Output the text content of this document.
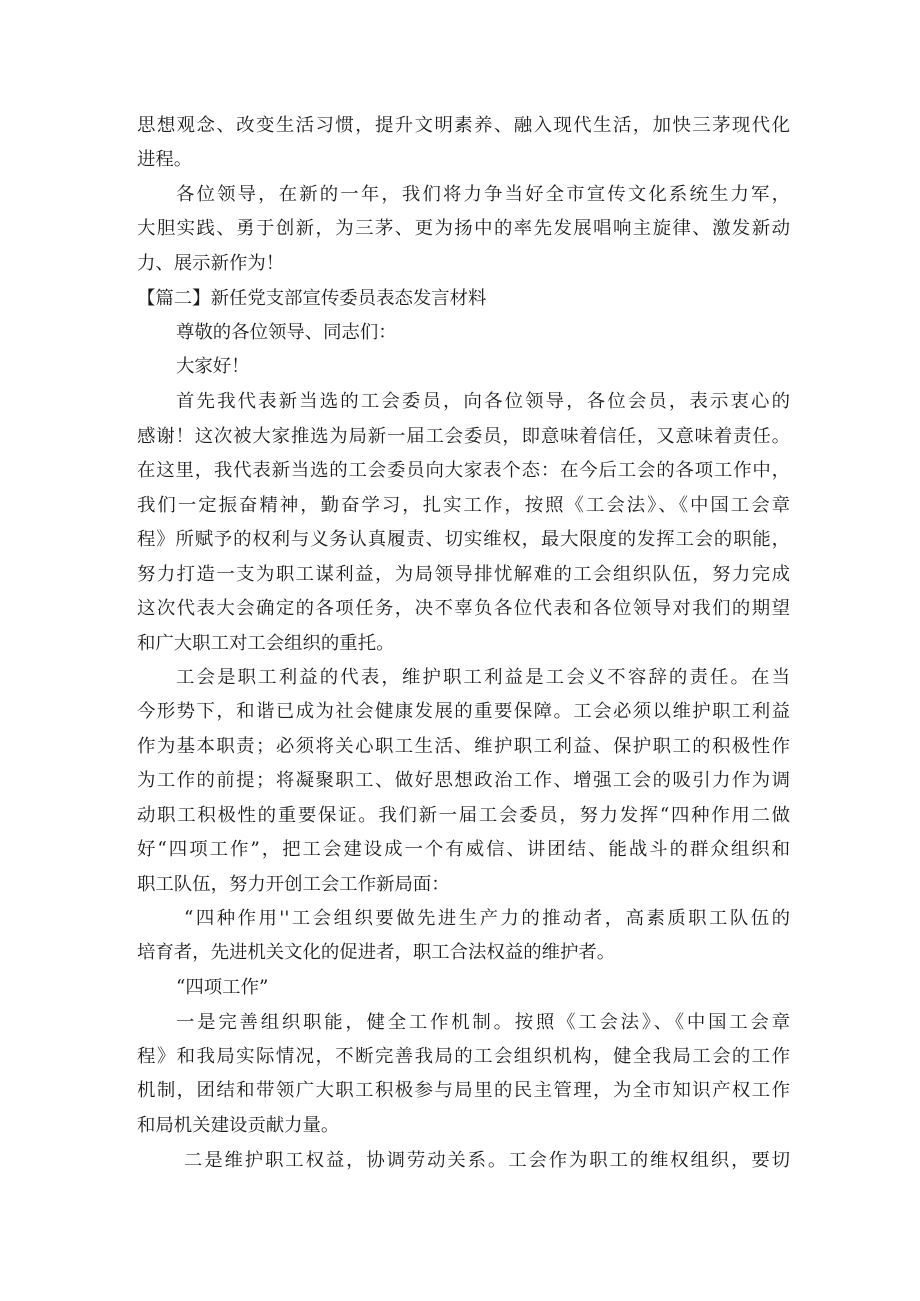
思想观念、改变生活习惯，提升文明素养、融入现代生活，加快三茅现代化
进程。
各位领导，在新的一年，我们将力争当好全市宣传文化系统生力军，
大胆实践、勇于创新，为三茅、更为扬中的率先发展唱响主旋律、激发新动
力、展示新作为！
【篇二】新任党支部宣传委员表态发言材料
尊敬的各位领导、同志们：
大家好！
首先我代表新当选的工会委员，向各位领导，各位会员，表示衷心的
感谢！这次被大家推选为局新一届工会委员，即意味着信任，又意味着责任。
在这里，我代表新当选的工会委员向大家表个态：在今后工会的各项工作中，
我们一定振奋精神，勤奋学习，扎实工作，按照《工会法》、《中国工会章
程》所赋予的权利与义务认真履责、切实维权，最大限度的发挥工会的职能，
努力打造一支为职工谋利益，为局领导排忧解难的工会组织队伍，努力完成
这次代表大会确定的各项任务，决不辜负各位代表和各位领导对我们的期望
和广大职工对工会组织的重托。
工会是职工利益的代表，维护职工利益是工会义不容辞的责任。在当
今形势下，和谐已成为社会健康发展的重要保障。工会必须以维护职工利益
作为基本职责；必须将关心职工生活、维护职工利益、保护职工的积极性作
为工作的前提；将凝聚职工、做好思想政治工作、增强工会的吸引力作为调
动职工积极性的重要保证。我们新一届工会委员，努力发挥“四种作用二做
好“四项工作”，把工会建设成一个有威信、讲团结、能战斗的群众组织和
职工队伍，努力开创工会工作新局面：
“四种作用''工会组织要做先进生产力的推动者，高素质职工队伍的
培育者，先进机关文化的促进者，职工合法权益的维护者。
“四项工作”
一是完善组织职能，健全工作机制。按照《工会法》、《中国工会章
程》和我局实际情况，不断完善我局的工会组织机构，健全我局工会的工作
机制，团结和带领广大职工积极参与局里的民主管理，为全市知识产权工作
和局机关建设贡献力量。
二是维护职工权益，协调劳动关系。工会作为职工的维权组织，要切
